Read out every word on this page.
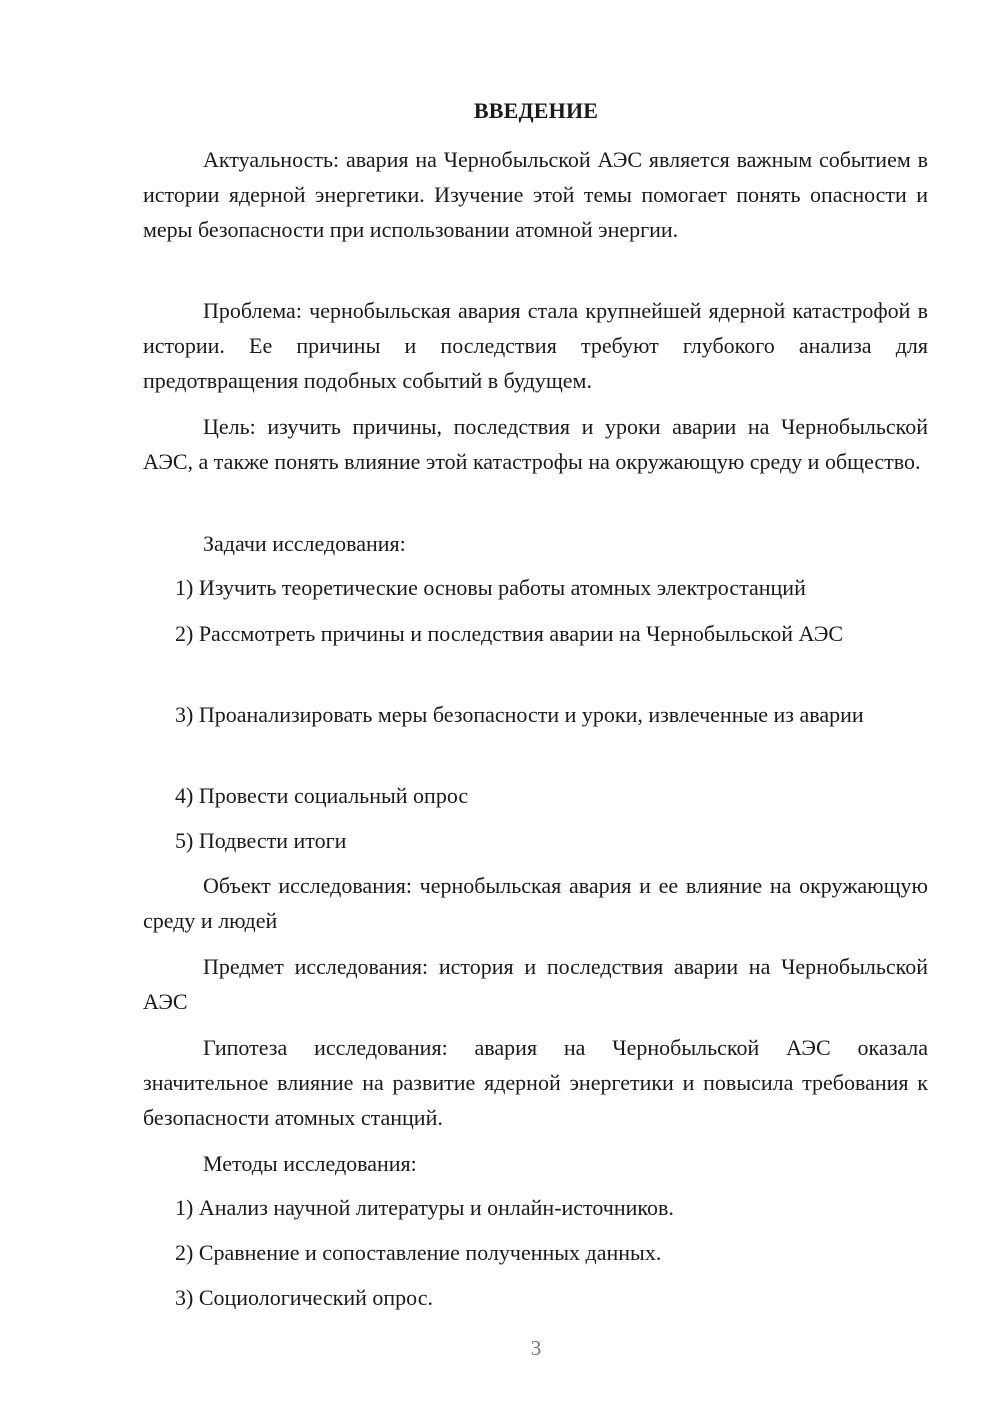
ВВЕДЕНИЕ

Актуальность: авария на Чернобыльской АЭС является важным событием в истории ядерной энергетики. Изучение этой темы помогает понять опасности и меры безопасности при использовании атомной энергии.

Проблема: чернобыльская авария стала крупнейшей ядерной катастрофой в истории. Ее причины и последствия требуют глубокого анализа для предотвращения подобных событий в будущем.

Цель: изучить причины, последствия и уроки аварии на Чернобыльской АЭС, а также понять влияние этой катастрофы на окружающую среду и общество.

Задачи исследования:

1) Изучить теоретические основы работы атомных электростанций

2) Рассмотреть причины и последствия аварии на Чернобыльской АЭС

3) Проанализировать меры безопасности и уроки, извлеченные из аварии

4) Провести социальный опрос

5) Подвести итоги

Объект исследования: чернобыльская авария и ее влияние на окружающую среду и людей

Предмет исследования: история и последствия аварии на Чернобыльской АЭС

Гипотеза исследования: авария на Чернобыльской АЭС оказала значительное влияние на развитие ядерной энергетики и повысила требования к безопасности атомных станций.

Методы исследования:

1) Анализ научной литературы и онлайн-источников.

2) Сравнение и сопоставление полученных данных.

3) Социологический опрос.

3
